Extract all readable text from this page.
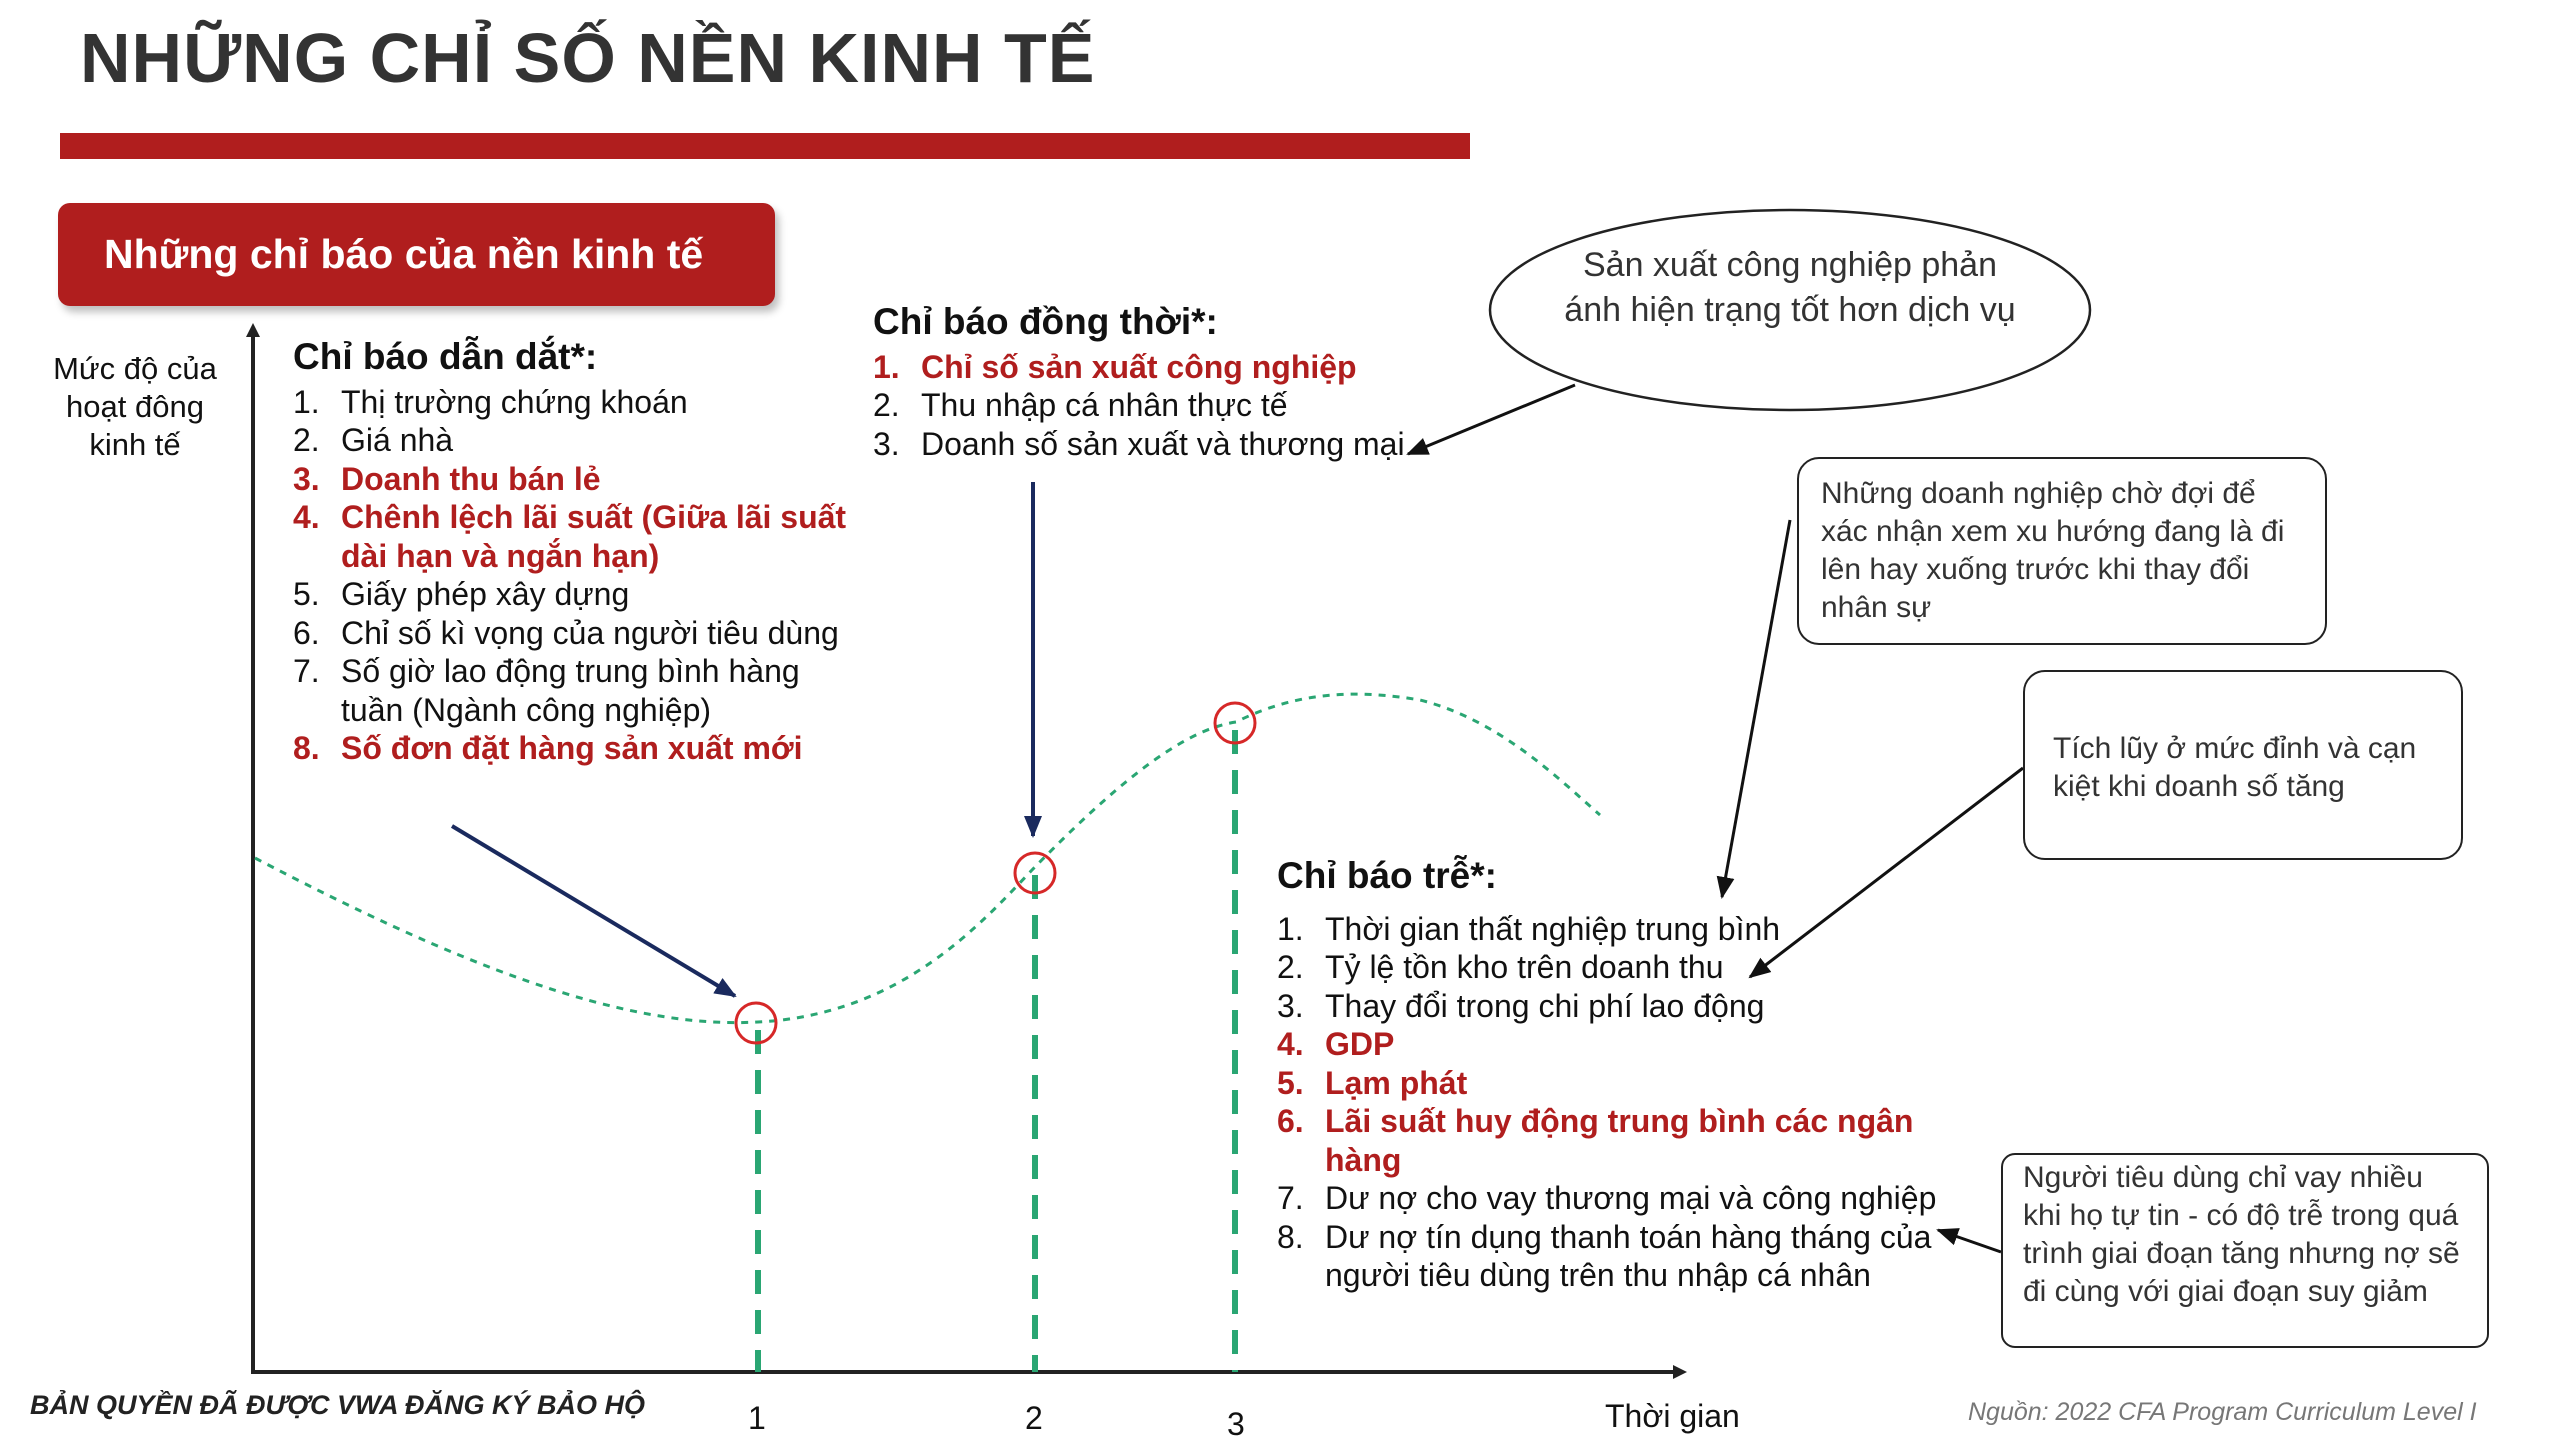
NHỮNG CHỈ SỐ NỀN KINH TẾ
Những chỉ báo của nền kinh tế
Mức độ của hoạt đông kinh tế
Thời gian
1	2	3
Chỉ báo dẫn dắt*:
1. Thị trường chứng khoán
2. Giá nhà
3. Doanh thu bán lẻ
4. Chênh lệch lãi suất (Giữa lãi suất dài hạn và ngắn hạn)
5. Giấy phép xây dựng
6. Chỉ số kì vọng của người tiêu dùng
7. Số giờ lao động trung bình hàng tuần (Ngành công nghiệp)
8. Số đơn đặt hàng sản xuất mới
Chỉ báo đồng thời*:
1. Chỉ số sản xuất công nghiệp
2. Thu nhập cá nhân thực tế
3. Doanh số sản xuất và thương mại
Chỉ báo trễ*:
1. Thời gian thất nghiệp trung bình
2. Tỷ lệ tồn kho trên doanh thu
3. Thay đổi trong chi phí lao động
4. GDP
5. Lạm phát
6. Lãi suất huy động trung bình các ngân hàng
7. Dư nợ cho vay thương mại và công nghiệp
8. Dư nợ tín dụng thanh toán hàng tháng của người tiêu dùng trên thu nhập cá nhân
Sản xuất công nghiệp phản ánh hiện trạng tốt hơn dịch vụ
Những doanh nghiệp chờ đợi để xác nhận xem xu hướng đang là đi lên hay xuống trước khi thay đổi nhân sự
Tích lũy ở mức đỉnh và cạn kiệt khi doanh số tăng
Người tiêu dùng chỉ vay nhiều khi họ tự tin - có độ trễ trong quá trình giai đoạn tăng nhưng nợ sẽ đi cùng với giai đoạn suy giảm
BẢN QUYỀN ĐÃ ĐƯỢC VWA ĐĂNG KÝ BẢO HỘ	Nguồn: 2022 CFA Program Curriculum Level I
